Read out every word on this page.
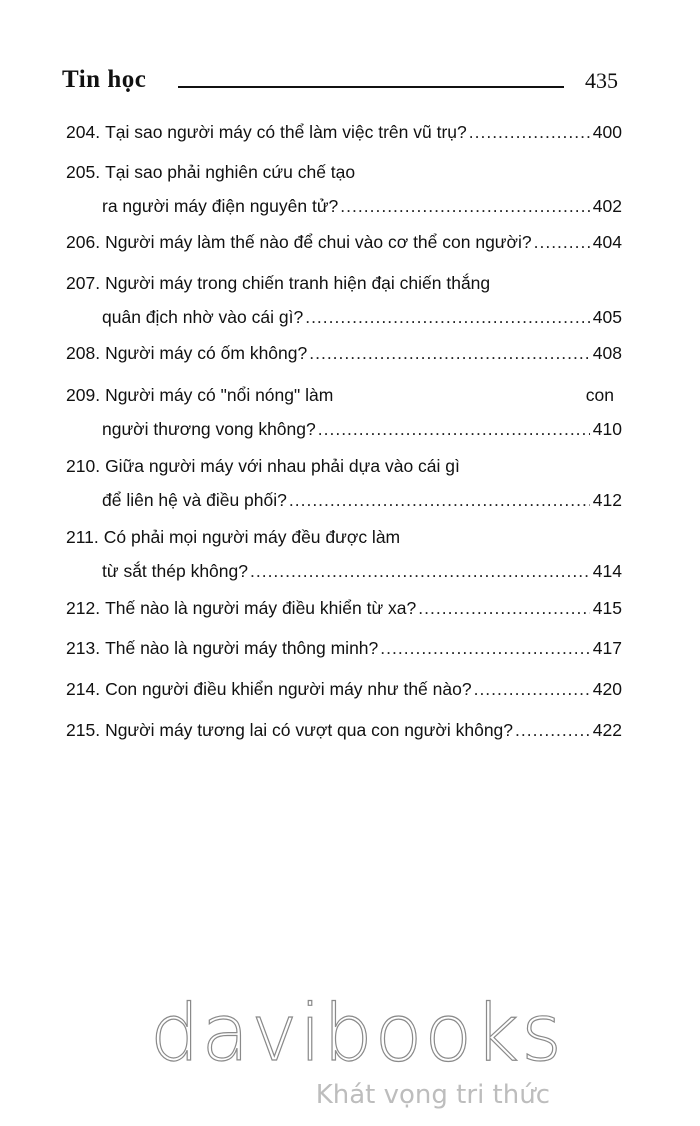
Tin học	435
204. Tại sao người máy có thể làm việc trên vũ trụ? .....	400
205. Tại sao phải nghiên cứu chế tạo
ra người máy điện nguyên tử? .....	402
206. Người máy làm thế nào để chui vào cơ thể con người? .....	404
207. Người máy trong chiến tranh hiện đại chiến thắng
quân địch nhờ vào cái gì? .....	405
208. Người máy có ốm không? .....	408
209. Người máy có "nổi nóng" làm	con
người thương vong không? .....	410
210. Giữa người máy với nhau phải dựa vào cái gì
để liên hệ và điều phối? .....	412
211. Có phải mọi người máy đều được làm
từ sắt thép không? .....	414
212. Thế nào là người máy điều khiển từ xa? .....	415
213. Thế nào là người máy thông minh? .....	417
214. Con người điều khiển người máy như thế nào? .....	420
215. Người máy tương lai có vượt qua con người không? .....	422
davibooks
Khát vọng tri thức
